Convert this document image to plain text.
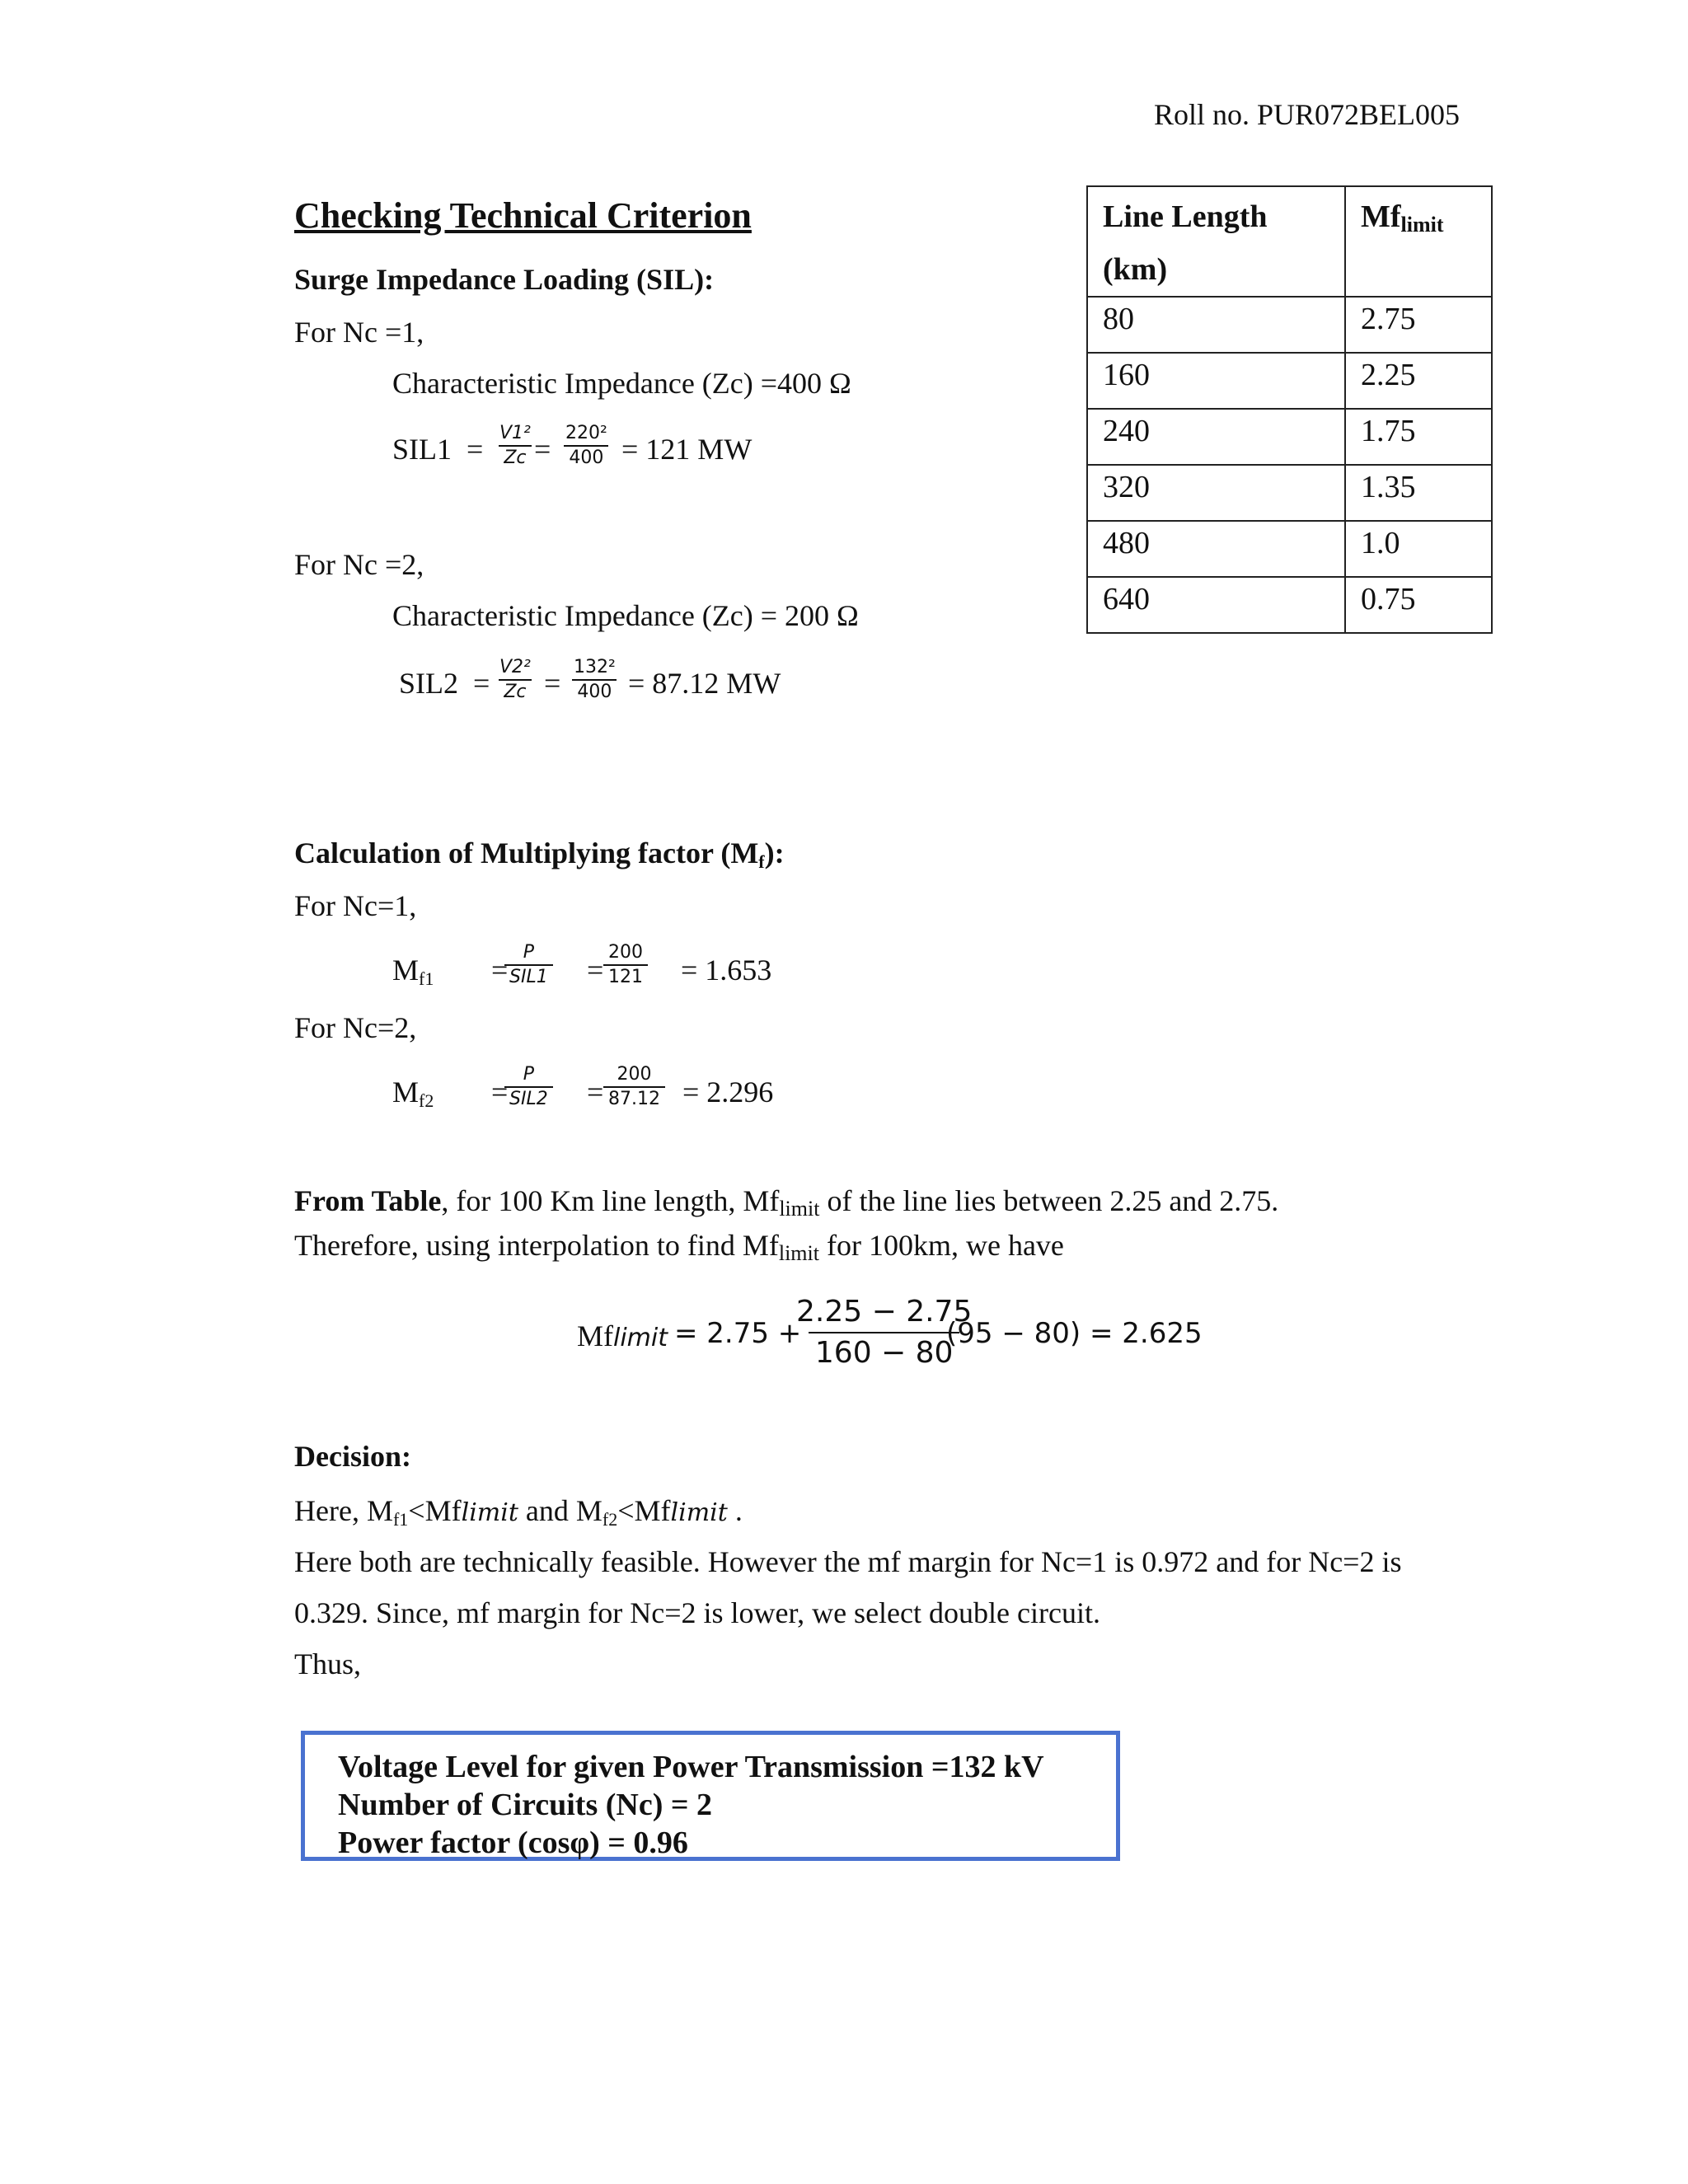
Roll no. PUR072BEL005
Checking Technical Criterion
Surge Impedance Loading (SIL):
For Nc =1,
Characteristic Impedance (Zc) =400 Ω
$SIL1 = \frac{\text{V1²}}{Zc}$
= $\frac{\text{220²}}{400} = 121$ MW
For Nc =2,
Characteristic Impedance (Zc) = 200 Ω
$SIL2 = \frac{\text{V2²}}{Zc} = \frac{\text{132²}}{400} = 87.12$ MW
Line Length (km)	$Mf_{limit}$
80	2.75
160	2.25
240	1.75
320	1.35
480	1.0
640	0.75
Calculation of Multiplying factor (Mf):
For Nc=1,
Mf1 =
P
$SIL1 = \frac{200}{121} = 1.653$
For Nc=2,
Mf2 =
P
$SIL2 = \frac{200}{87.12} = 2.296$
From Table, for 100 Km line length, $Mf_{limit}$ of the line lies between 2.25 and 2.75.
Therefore, using interpolation to find $Mf_{limit}$ for 100km, we have
Mflimit = 2.75 +
$\frac{2.25 - 2.75}{160 - 80}$
(95 − 80) = 2.625
Decision:
Here, Mf1<Mflimit and Mf2<Mflimit .
Here both are technically feasible. However the mf margin for Nc=1 is 0.972 and for Nc=2 is
0.329. Since, mf margin for Nc=2 is lower, we select double circuit.
Thus,
Voltage Level for given Power Transmission =132 kV
Number of Circuits (Nc) = 2
Power factor (cosφ) = 0.96
